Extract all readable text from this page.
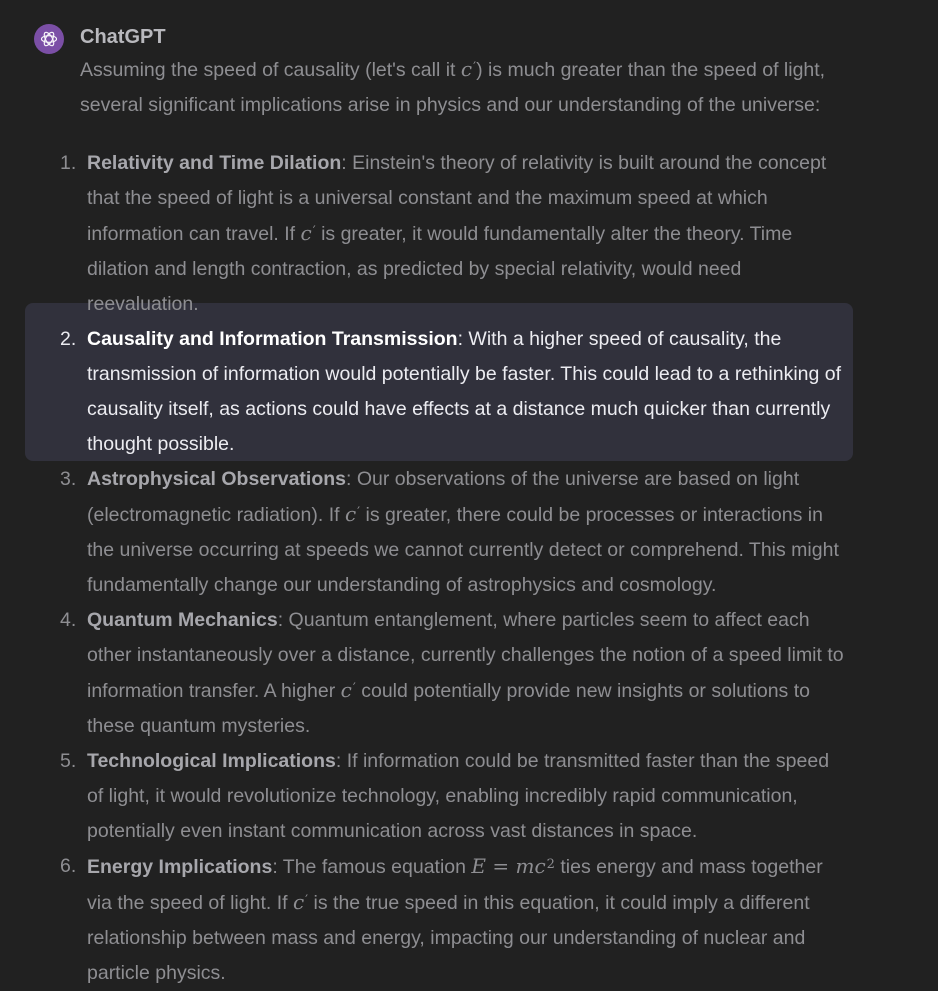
ChatGPT
Assuming the speed of causality (let's call it c′) is much greater than the speed of light, several significant implications arise in physics and our understanding of the universe:
1. Relativity and Time Dilation: Einstein's theory of relativity is built around the concept that the speed of light is a universal constant and the maximum speed at which information can travel. If c′ is greater, it would fundamentally alter the theory. Time dilation and length contraction, as predicted by special relativity, would need reevaluation.
2. Causality and Information Transmission: With a higher speed of causality, the transmission of information would potentially be faster. This could lead to a rethinking of causality itself, as actions could have effects at a distance much quicker than currently thought possible.
3. Astrophysical Observations: Our observations of the universe are based on light (electromagnetic radiation). If c′ is greater, there could be processes or interactions in the universe occurring at speeds we cannot currently detect or comprehend. This might fundamentally change our understanding of astrophysics and cosmology.
4. Quantum Mechanics: Quantum entanglement, where particles seem to affect each other instantaneously over a distance, currently challenges the notion of a speed limit to information transfer. A higher c′ could potentially provide new insights or solutions to these quantum mysteries.
5. Technological Implications: If information could be transmitted faster than the speed of light, it would revolutionize technology, enabling incredibly rapid communication, potentially even instant communication across vast distances in space.
6. Energy Implications: The famous equation $E = mc^2$ ties energy and mass together via the speed of light. If c′ is the true speed in this equation, it could imply a different relationship between mass and energy, impacting our understanding of nuclear and particle physics.
